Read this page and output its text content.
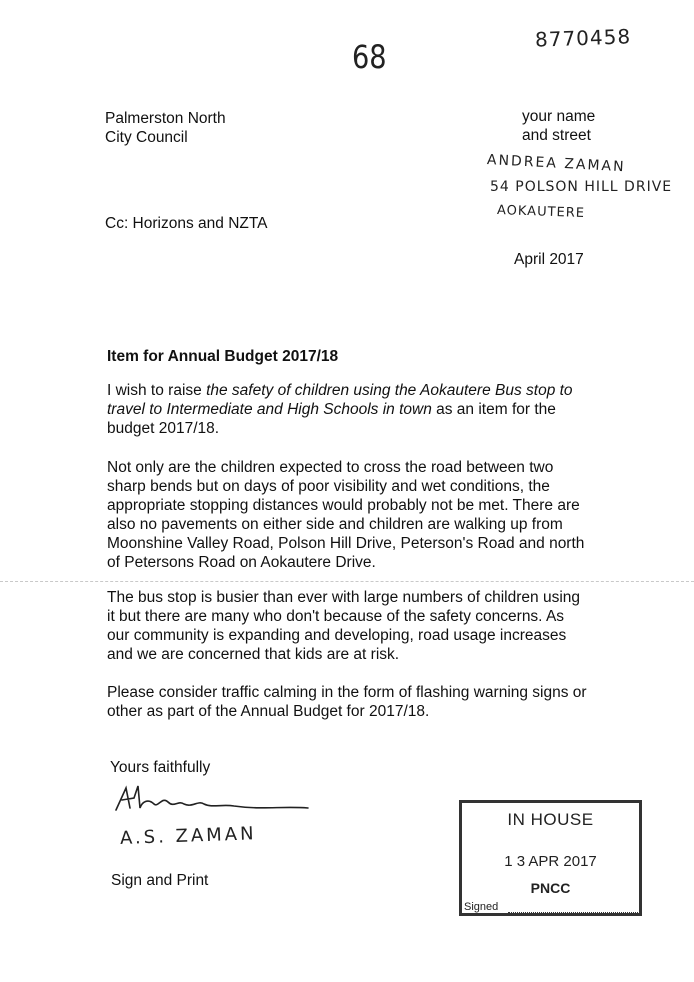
68
8770458
Palmerston North
City Council
Cc: Horizons and NZTA
your name
and street
ANDREA ZAMAN
54 POLSON HILL DRIVE
AOKAUTERE
April 2017
Item for Annual Budget 2017/18
I wish to raise the safety of children using the Aokautere Bus stop to travel to Intermediate and High Schools in town as an item for the budget 2017/18.
Not only are the children expected to cross the road between two sharp bends but on days of poor visibility and wet conditions, the appropriate stopping distances would probably not be met. There are also no pavements on either side and children are walking up from Moonshine Valley Road, Polson Hill Drive, Peterson's Road and north of Petersons Road on Aokautere Drive.
The bus stop is busier than ever with large numbers of children using it but there are many who don't because of the safety concerns. As our community is expanding and developing, road usage increases and we are concerned that kids are at risk.
Please consider traffic calming in the form of flashing warning signs or other as part of the Annual Budget for 2017/18.
Yours faithfully
A.S. ZAMAN
Sign and Print
IN HOUSE
1 3 APR 2017
PNCC
Signed
